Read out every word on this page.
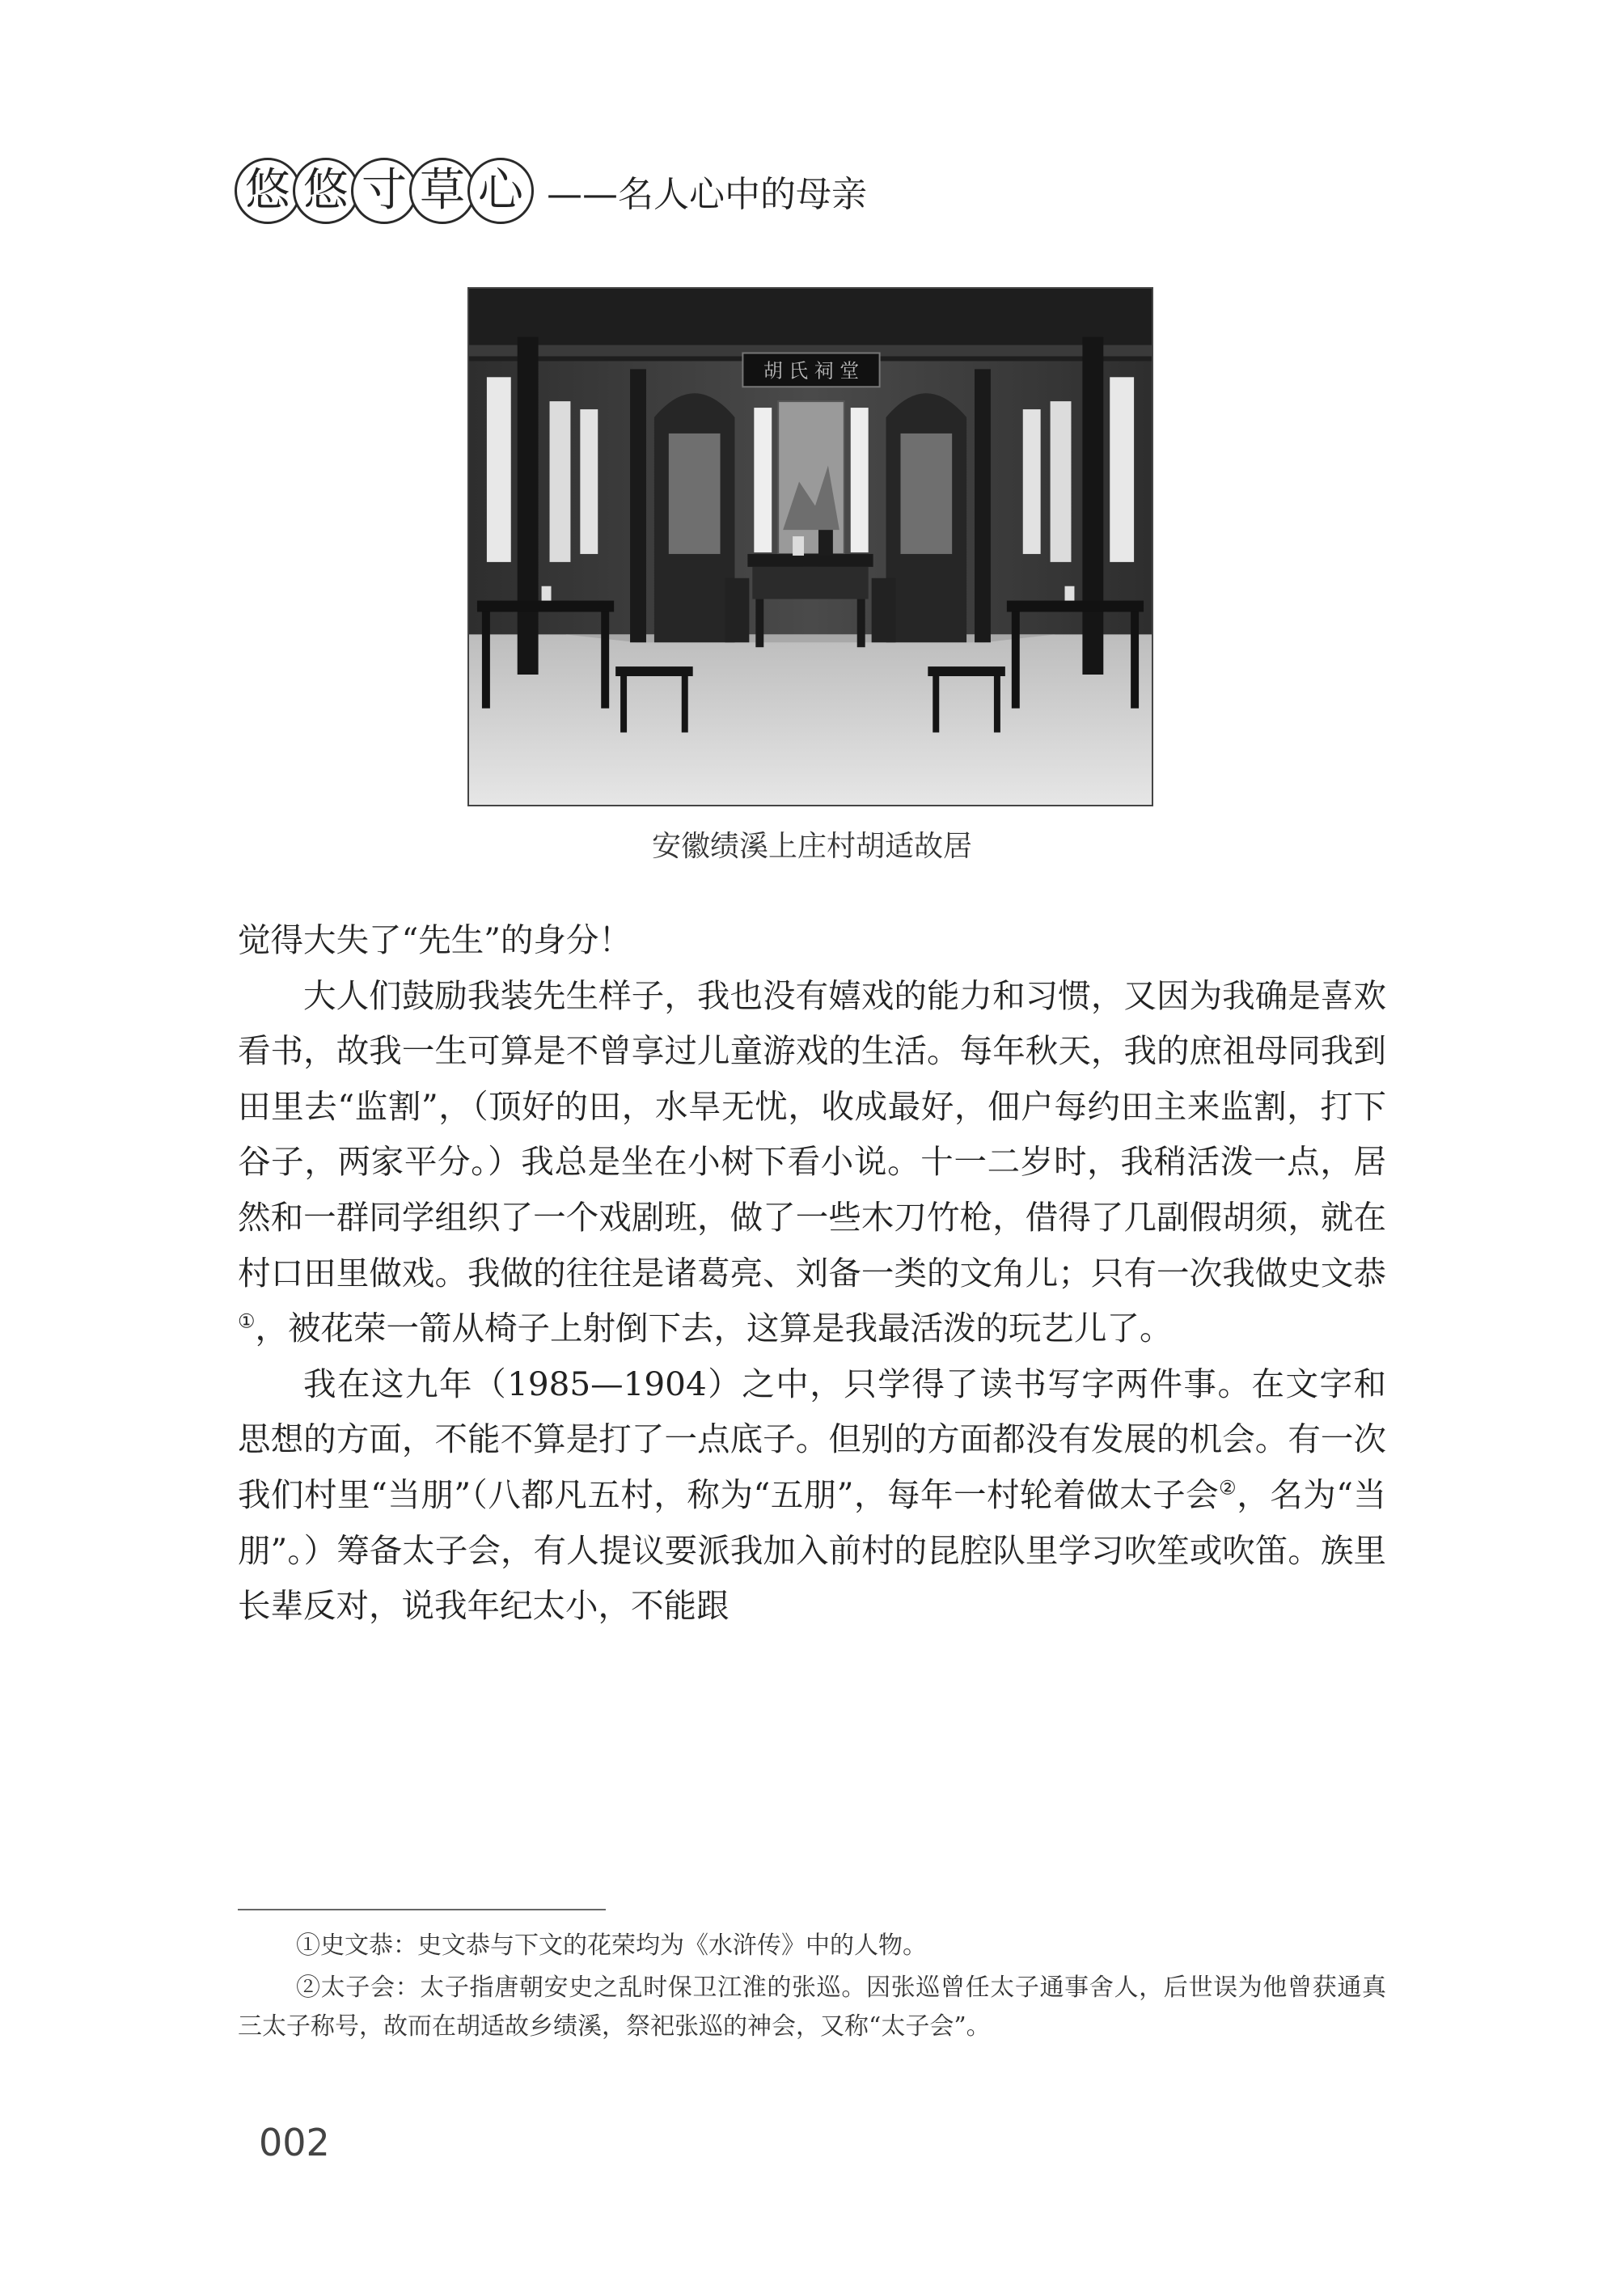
悠 悠 寸 草 心 ——名人心中的母亲
胡 氏 祠 堂
安徽绩溪上庄村胡适故居

觉得大失了“先生”的身分！

大人们鼓励我装先生样子，我也没有嬉戏的能力和习惯，又因为我确是喜欢看书，故我一生可算是不曾享过儿童游戏的生活。每年秋天，我的庶祖母同我到田里去“监割”，（顶好的田，水旱无忧，收成最好，佃户每约田主来监割，打下谷子，两家平分。）我总是坐在小树下看小说。十一二岁时，我稍活泼一点，居然和一群同学组织了一个戏剧班，做了一些木刀竹枪，借得了几副假胡须，就在村口田里做戏。我做的往往是诸葛亮、刘备一类的文角儿；只有一次我做史文恭①，被花荣一箭从椅子上射倒下去，这算是我最活泼的玩艺儿了。

我在这九年（1985—1904）之中，只学得了读书写字两件事。在文字和思想的方面，不能不算是打了一点底子。但别的方面都没有发展的机会。有一次我们村里“当朋”（八都凡五村，称为“五朋”，每年一村轮着做太子会②，名为“当朋”。）筹备太子会，有人提议要派我加入前村的昆腔队里学习吹笙或吹笛。族里长辈反对，说我年纪太小，不能跟

①史文恭：史文恭与下文的花荣均为《水浒传》中的人物。

②太子会：太子指唐朝安史之乱时保卫江淮的张巡。因张巡曾任太子通事舍人，后世误为他曾获通真三太子称号，故而在胡适故乡绩溪，祭祀张巡的神会，又称“太子会”。

002
